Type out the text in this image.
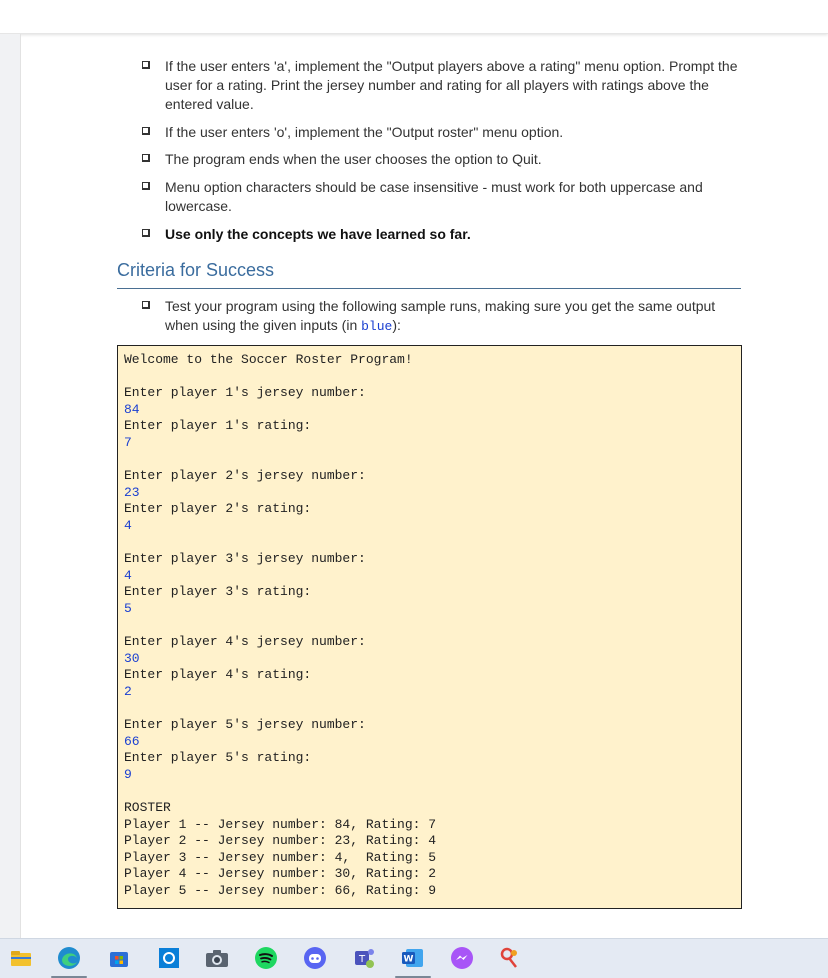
If the user enters 'a', implement the "Output players above a rating" menu option. Prompt the user for a rating. Print the jersey number and rating for all players with ratings above the entered value.
If the user enters 'o', implement the "Output roster" menu option.
The program ends when the user chooses the option to Quit.
Menu option characters should be case insensitive - must work for both uppercase and lowercase.
Use only the concepts we have learned so far.
Criteria for Success
Test your program using the following sample runs, making sure you get the same output when using the given inputs (in blue):
Welcome to the Soccer Roster Program!
Enter player 1's jersey number:
84
Enter player 1's rating:
7
Enter player 2's jersey number:
23
Enter player 2's rating:
4
Enter player 3's jersey number:
4
Enter player 3's rating:
5
Enter player 4's jersey number:
30
Enter player 4's rating:
2
Enter player 5's jersey number:
66
Enter player 5's rating:
9
ROSTER
Player 1 -- Jersey number: 84, Rating: 7
Player 2 -- Jersey number: 23, Rating: 4
Player 3 -- Jersey number: 4,  Rating: 5
Player 4 -- Jersey number: 30, Rating: 2
Player 5 -- Jersey number: 66, Rating: 9
T	W
